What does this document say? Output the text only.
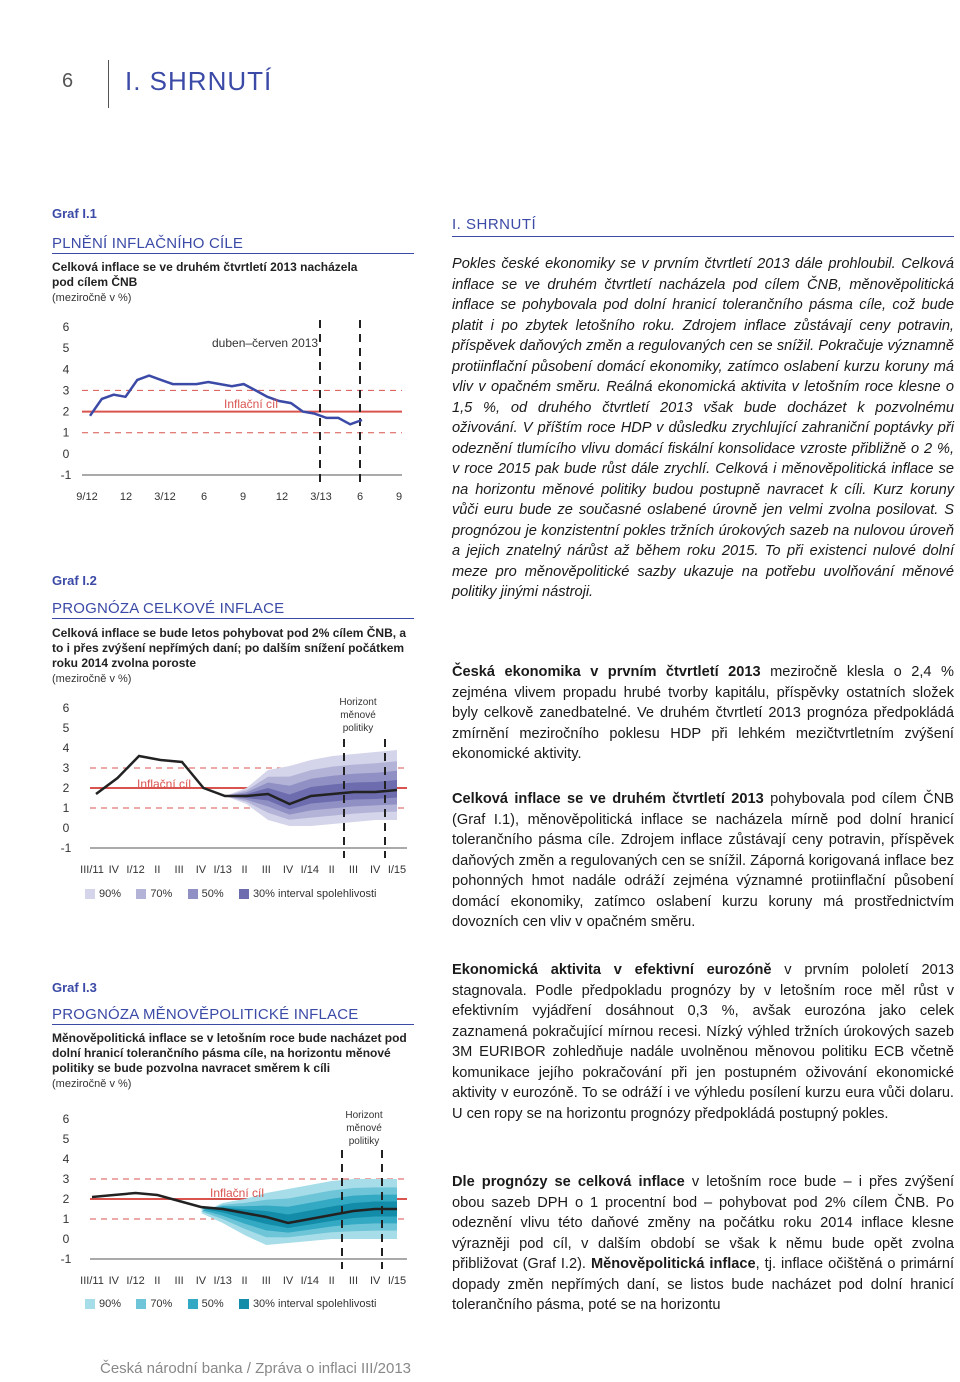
6 I. SHRNUTÍ
Graf I.1
PLNĚNÍ INFLAČNÍHO CÍLE
Celková inflace se ve druhém čtvrtletí 2013 nacházela pod cílem ČNB
(meziročně v %)
6
5
4
3
2
1
0
-1
9/12 12 3/12 6	9	12 3/13 6	9
duben–červen 2013
Inflační cíl
Graf I.2
PROGNÓZA CELKOVÉ INFLACE
Celková inflace se bude letos pohybovat pod 2% cílem ČNB, a to i přes zvýšení nepřímých daní; po dalším snížení počátkem roku 2014 zvolna poroste
(meziročně v %)
6
5
4
3
2
1
0
-1
III/11 IV I/12 II III IV I/13 II III IV I/14 II III IV I/15
Horizont
měnové
politiky
Inflační cíl
90%	70%	50%	30% interval spolehlivosti
Graf I.3
PROGNÓZA MĚNOVĚPOLITICKÉ INFLACE
Měnověpolitická inflace se v letošním roce bude nacházet pod dolní hranicí tolerančního pásma cíle, na horizontu měnové politiky se bude pozvolna navracet směrem k cíli
(meziročně v %)
6
5
4
3
2
1
0
-1
III/11 IV I/12 II III IV I/13 II III IV I/14 II III IV I/15
Horizont
měnové
politiky
Inflační cíl
90%	70%	50%	30% interval spolehlivosti
I. SHRNUTÍ
Pokles české ekonomiky se v prvním čtvrtletí 2013 dále prohloubil. Celková inflace se ve druhém čtvrtletí nacházela pod cílem ČNB, měnověpolitická inflace se pohybovala pod dolní hranicí tolerančního pásma cíle, což bude platit i po zbytek letošního roku. Zdrojem inflace zůstávají ceny potravin, příspěvek daňových změn a regulovaných cen se snížil. Pokračuje významně protiinflační působení domácí ekonomiky, zatímco oslabení kurzu koruny má vliv v opačném směru. Reálná ekonomická aktivita v letošním roce klesne o 1,5 %, od druhého čtvrtletí 2013 však bude docházet k pozvolnému oživování. V příštím roce HDP v důsledku zrychlující zahraniční poptávky při odeznění tlumícího vlivu domácí fiskální konsolidace vzroste přibližně o 2 %, v roce 2015 pak bude růst dále zrychlí. Celková i měnověpolitická inflace se na horizontu měnové politiky budou postupně navracet k cíli. Kurz koruny vůči euru bude ze současné oslabené úrovně jen velmi zvolna posilovat. S prognózou je konzistentní pokles tržních úrokových sazeb na nulovou úroveň a jejich znatelný nárůst až během roku 2015. To při existenci nulové dolní meze pro měnověpolitické sazby ukazuje na potřebu uvolňování měnové politiky jinými nástroji.
Česká ekonomika v prvním čtvrtletí 2013 meziročně klesla o 2,4 % zejména vlivem propadu hrubé tvorby kapitálu, příspěvky ostatních složek byly celkově zanedbatelné. Ve druhém čtvrtletí 2013 prognóza předpokládá zmírnění meziročního poklesu HDP při lehkém mezičtvrtletním zvýšení ekonomické aktivity.
Celková inflace se ve druhém čtvrtletí 2013 pohybovala pod cílem ČNB (Graf I.1), měnověpolitická inflace se nacházela mírně pod dolní hranicí tolerančního pásma cíle. Zdrojem inflace zůstávají ceny potravin, příspěvek daňových změn a regulovaných cen se snížil. Záporná korigovaná inflace bez pohonných hmot nadále odráží zejména významné protiinflační působení domácí ekonomiky, zatímco oslabení kurzu koruny má prostřednictvím dovozních cen vliv v opačném směru.
Ekonomická aktivita v efektivní eurozóně v prvním pololetí 2013 stagnovala. Podle předpokladu prognózy by v letošním roce měl růst v efektivním vyjádření dosáhnout 0,3 %, avšak eurozóna jako celek zaznamená pokračující mírnou recesi. Nízký výhled tržních úrokových sazeb 3M EURIBOR zohledňuje nadále uvolněnou měnovou politiku ECB včetně komunikace jejího pokračování při jen postupném oživování ekonomické aktivity v eurozóně. To se odráží i ve výhledu posílení kurzu eura vůči dolaru. U cen ropy se na horizontu prognózy předpokládá postupný pokles.
Dle prognózy se celková inflace v letošním roce bude – i přes zvýšení obou sazeb DPH o 1 procentní bod – pohybovat pod 2% cílem ČNB. Po odeznění vlivu této daňové změny na počátku roku 2014 inflace klesne výrazněji pod cíl, v dalším období se však k němu bude opět zvolna přibližovat (Graf I.2). Měnověpolitická inflace, tj. inflace očištěná o primární dopady změn nepřímých daní, se listos bude nacházet pod dolní hranicí tolerančního pásma, poté se na horizontu
Česká národní banka / Zpráva o inflaci III/2013
